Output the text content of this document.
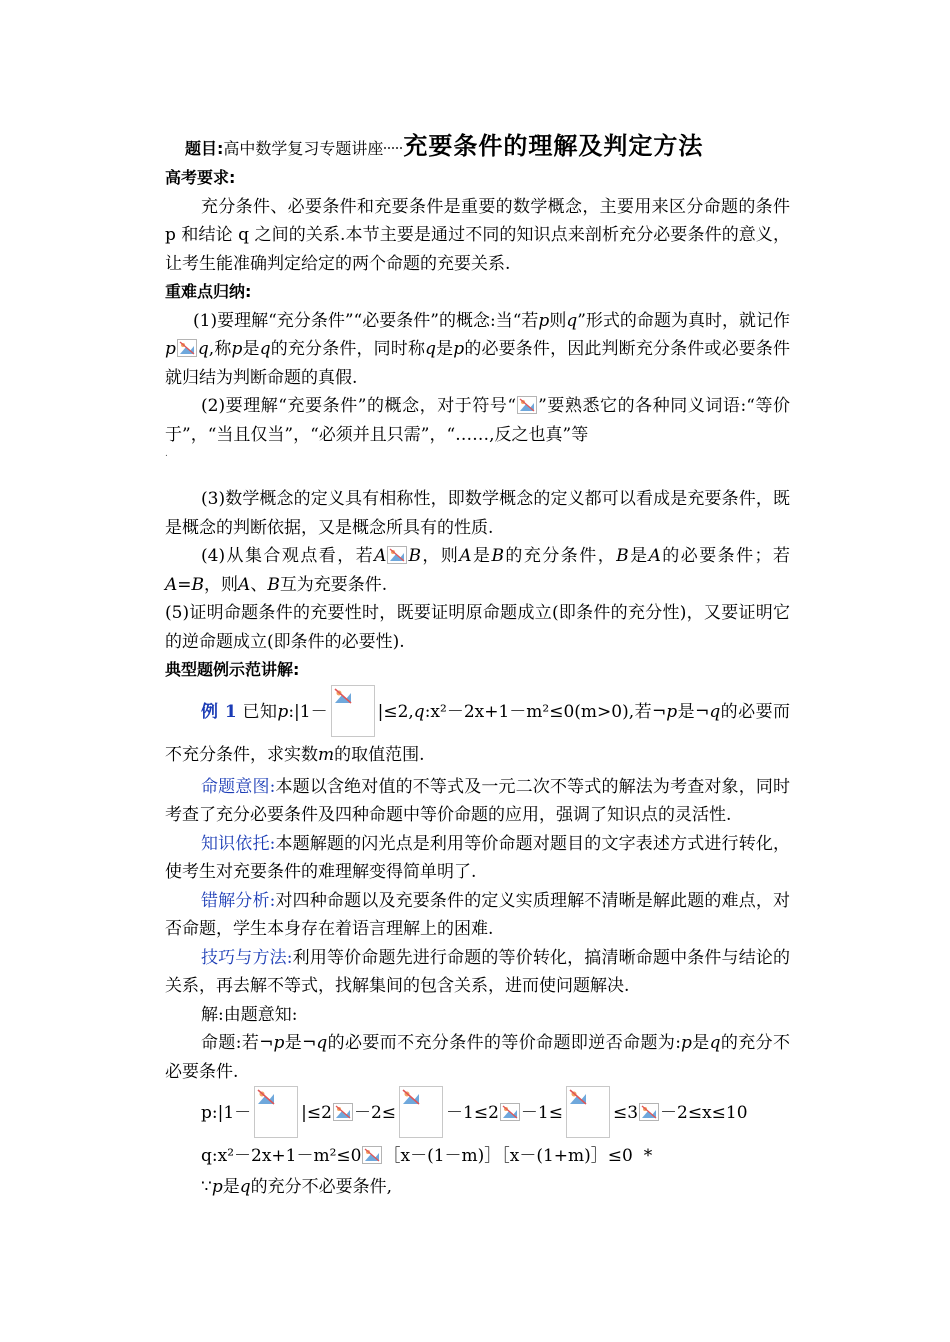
题目:高中数学复习专题讲座 充要条件的理解及判定方法
高考要求:

充分条件、必要条件和充要条件是重要的数学概念，主要用来区分命题的条件 p 和结论 q 之间的关系.本节主要是通过不同的知识点来剖析充分必要条件的意义，让考生能准确判定给定的两个命题的充要关系.

重难点归纳:

(1)要理解“充分条件”“必要条件”的概念:当“若p则q”形式的命题为真时，就记作p q,称p是q的充分条件，同时称q是p的必要条件，因此判断充分条件或必要条件就归结为判断命题的真假.

(2)要理解“充要条件”的概念，对于符号“ ”要熟悉它的各种同义词语:“等价于”，“当且仅当”，“必须并且只需”，“……,反之也真”等

.

(3)数学概念的定义具有相称性，即数学概念的定义都可以看成是充要条件，既是概念的判断依据，又是概念所具有的性质.

(4)从集合观点看，若A B，则A是B的充分条件，B是A的必要条件；若A=B，则A、B互为充要条件.

(5)证明命题条件的充要性时，既要证明原命题成立(即条件的充分性)，又要证明它的逆命题成立(即条件的必要性).

典型题例示范讲解:

例 1 已知p:|1－	|≤2,q:x²－2x+1－m²≤0(m>0),若¬p是¬q的必要而不充分条件，求实数m的取值范围.

命题意图:本题以含绝对值的不等式及一元二次不等式的解法为考查对象，同时考查了充分必要条件及四种命题中等价命题的应用，强调了知识点的灵活性.

知识依托:本题解题的闪光点是利用等价命题对题目的文字表述方式进行转化，使考生对充要条件的难理解变得简单明了.

错解分析:对四种命题以及充要条件的定义实质理解不清晰是解此题的难点，对否命题，学生本身存在着语言理解上的困难.

技巧与方法:利用等价命题先进行命题的等价转化，搞清晰命题中条件与结论的关系，再去解不等式，找解集间的包含关系，进而使问题解决.

解:由题意知:

命题:若¬p是¬q的必要而不充分条件的等价命题即逆否命题为:p是q的充分不必要条件.

p:|1－	|≤2 －2≤	－1≤2 －1≤	≤3 －2≤x≤10
q:x²－2x+1－m²≤0 ［x－(1－m)］［x－(1+m)］≤0 *
∵p是q的充分不必要条件,
